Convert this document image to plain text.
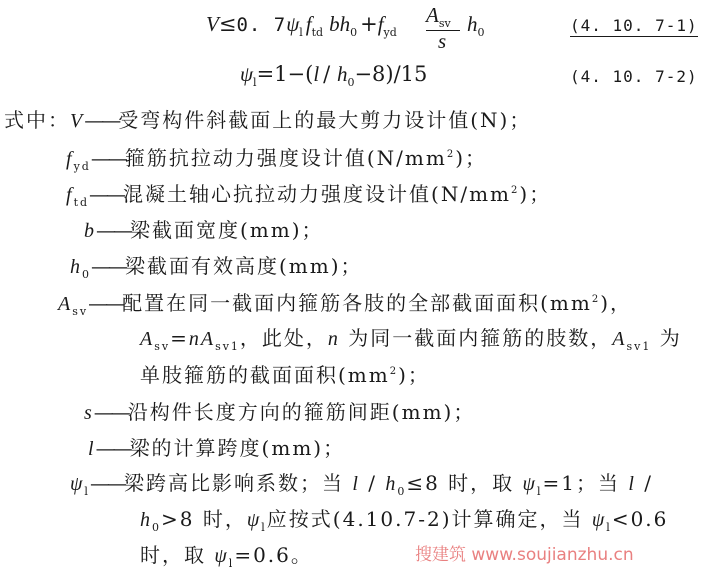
V≤0. $7\psi_l$ $f_{td}$ $bh_0 +f_{yd}$
$A_{sv}$
s
$h_0$	(4. 10. 7-1)
$\psi_l=1-(l / h_0-8)/15$	(4. 10. 7-2)
式中：V——受弯构件斜截面上的最大剪力设计值(N)；
$f_{yd}——$箍筋抗拉动力强度设计值$(N/mm^2)$；
$f_{td}——$混凝土轴心抗拉动力强度设计值$(N/mm^2)$；
b——梁截面宽度(mm)；
$h_0——$梁截面有效高度(mm)；
$A_{sv}——$配置在同一截面内箍筋各肢的全部截面面积$(mm^2)$，
$A_{sv}=nA_{sv1}$，此处，n 为同一截面内箍筋的肢数，$A_{sv1}$ 为
单肢箍筋的截面面积$(mm^2)$；
s——沿构件长度方向的箍筋间距(mm)；
l——梁的计算跨度(mm)；
$\psi_l——$梁跨高比影响系数；当 $l / h_0\le 8$ 时，取 $\psi_l=1$；当 l /
$h_0>8$ 时，$\psi_l$应按式(4.10.7-2)计算确定，当 $\psi_l<0.6$
时，取 $\psi_l=0.6$。	搜建筑 www.soujianzhu.cn
